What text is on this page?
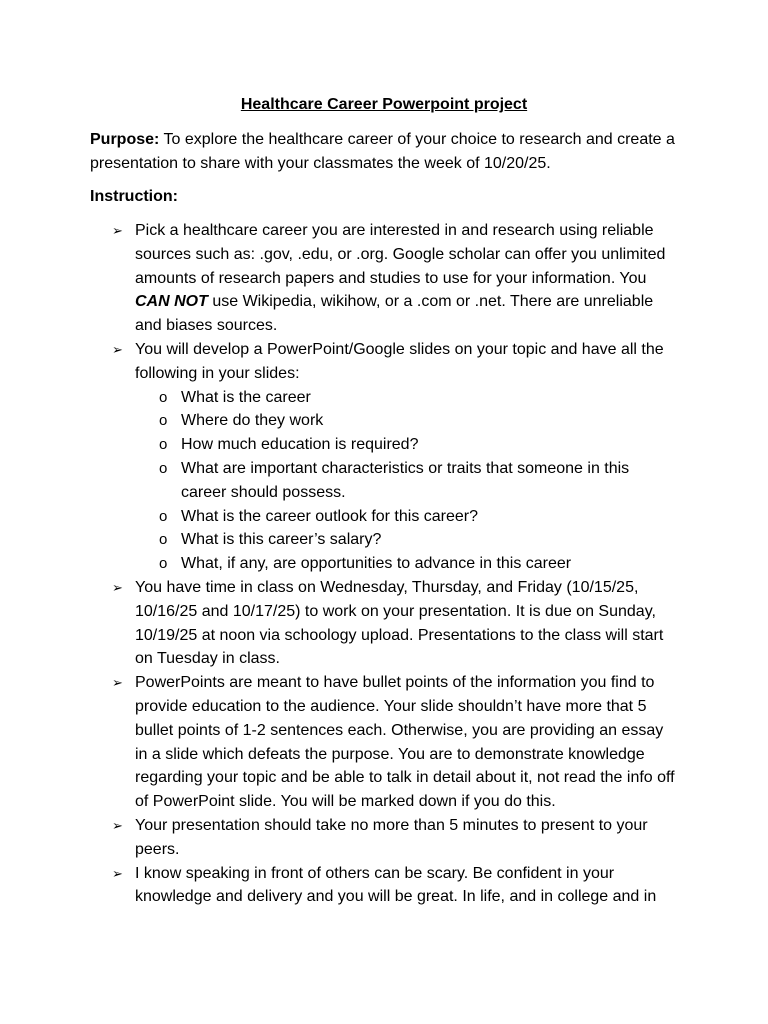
Healthcare Career Powerpoint project
Purpose: To explore the healthcare career of your choice to research and create a presentation to share with your classmates the week of 10/20/25.
Instruction:
➢ Pick a healthcare career you are interested in and research using reliable sources such as: .gov, .edu, or .org. Google scholar can offer you unlimited amounts of research papers and studies to use for your information. You CAN NOT use Wikipedia, wikihow, or a .com or .net. There are unreliable and biases sources.
➢ You will develop a PowerPoint/Google slides on your topic and have all the following in your slides:
o What is the career
o Where do they work
o How much education is required?
o What are important characteristics or traits that someone in this career should possess.
o What is the career outlook for this career?
o What is this career’s salary?
o What, if any, are opportunities to advance in this career
➢ You have time in class on Wednesday, Thursday, and Friday (10/15/25, 10/16/25 and 10/17/25) to work on your presentation. It is due on Sunday, 10/19/25 at noon via schoology upload. Presentations to the class will start on Tuesday in class.
➢ PowerPoints are meant to have bullet points of the information you find to provide education to the audience. Your slide shouldn’t have more that 5 bullet points of 1-2 sentences each. Otherwise, you are providing an essay in a slide which defeats the purpose. You are to demonstrate knowledge regarding your topic and be able to talk in detail about it, not read the info off of PowerPoint slide. You will be marked down if you do this.
➢ Your presentation should take no more than 5 minutes to present to your peers.
➢ I know speaking in front of others can be scary. Be confident in your knowledge and delivery and you will be great. In life, and in college and in
